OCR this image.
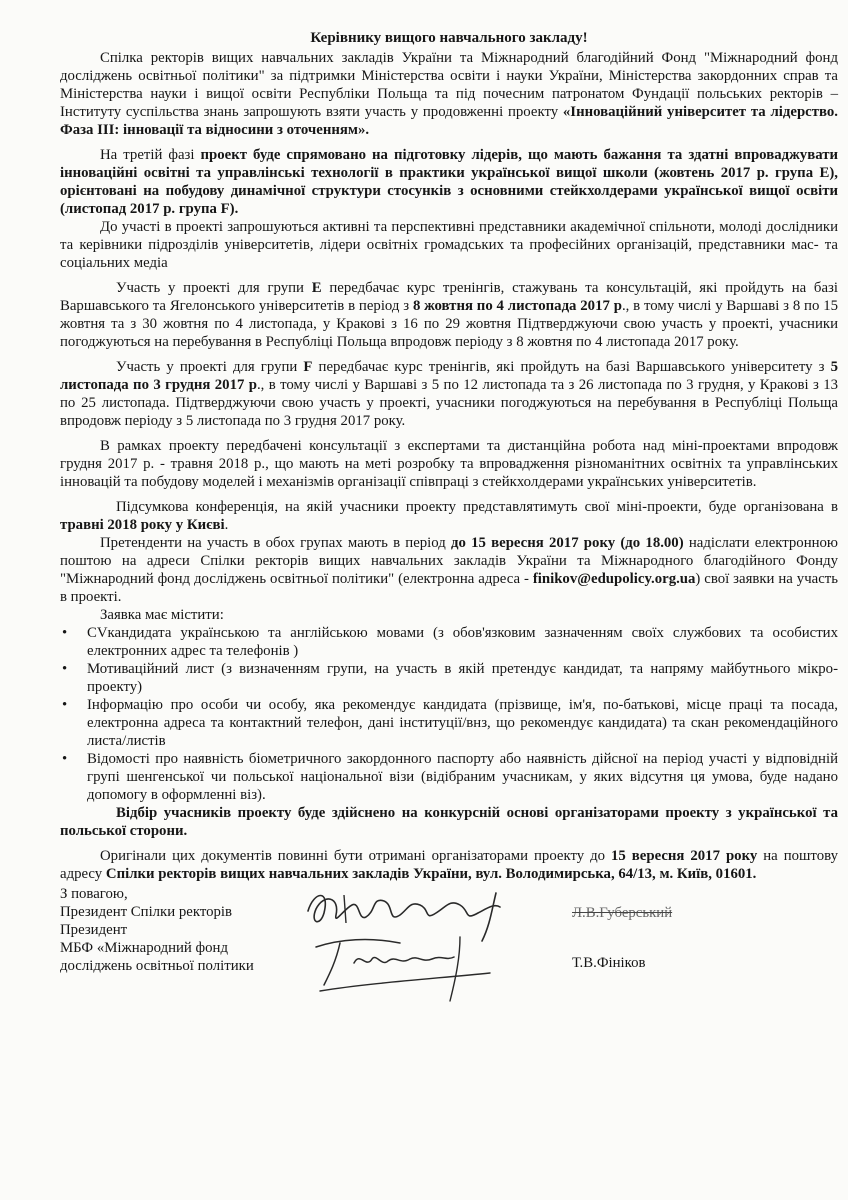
Керівнику вищого навчального закладу!

Спілка ректорів вищих навчальних закладів України та Міжнародний благодійний Фонд "Міжнародний фонд досліджень освітньої політики" за підтримки Міністерства освіти і науки України, Міністерства закордонних справ та Міністерства науки і вищої освіти Республіки Польща та під почесним патронатом Фундації польських ректорів – Інституту суспільства знань запрошують взяти участь у продовженні проекту «Інноваційний університет та лідерство. Фаза III: інновації та відносини з оточенням».

На третій фазі проект буде спрямовано на підготовку лідерів, що мають бажання та здатні впроваджувати інноваційні освітні та управлінські технології в практики української вищої школи (жовтень 2017 р. група E), орієнтовані на побудову динамічної структури стосунків з основними стейкхолдерами української вищої освіти (листопад 2017 р. група F).

До участі в проекті запрошуються активні та перспективні представники академічної спільноти, молоді дослідники та керівники підрозділів університетів, лідери освітніх громадських та професійних організацій, представники мас- та соціальних медіа

Участь у проекті для групи E передбачає курс тренінгів, стажувань та консультацій, які пройдуть на базі Варшавського та Ягелонського університетів в період з 8 жовтня по 4 листопада 2017 р., в тому числі у Варшаві з 8 по 15 жовтня та з 30 жовтня по 4 листопада, у Кракові з 16 по 29 жовтня Підтверджуючи свою участь у проекті, учасники погоджуються на перебування в Республіці Польща впродовж періоду з 8 жовтня по 4 листопада 2017 року.

Участь у проекті для групи F передбачає курс тренінгів, які пройдуть на базі Варшавського університету з 5 листопада по 3 грудня 2017 р., в тому числі у Варшаві з 5 по 12 листопада та з 26 листопада по 3 грудня, у Кракові з 13 по 25 листопада. Підтверджуючи свою участь у проекті, учасники погоджуються на перебування в Республіці Польща впродовж періоду з 5 листопада по 3 грудня 2017 року.

В рамках проекту передбачені консультації з експертами та дистанційна робота над міні-проектами впродовж грудня 2017 р. - травня 2018 р., що мають на меті розробку та впровадження різноманітних освітніх та управлінських інновацій та побудову моделей і механізмів організації співпраці з стейкхолдерами українських університетів.

Підсумкова конференція, на якій учасники проекту представлятимуть свої міні-проекти, буде організована в травні 2018 року у Києві.

Претенденти на участь в обох групах мають в період до 15 вересня 2017 року (до 18.00) надіслати електронною поштою на адреси Спілки ректорів вищих навчальних закладів України та Міжнародного благодійного Фонду "Міжнародний фонд досліджень освітньої політики" (електронна адреса - finikov@edupolicy.org.ua) свої заявки на участь в проекті.

Заявка має містити:

• CVкандидата українською та англійською мовами (з обов'язковим зазначенням своїх службових та особистих електронних адрес та телефонів )
• Мотиваційний лист (з визначенням групи, на участь в якій претендує кандидат, та напряму майбутнього мікро-проекту)
• Інформацію про особи чи особу, яка рекомендує кандидата (прізвище, ім'я, по-батькові, місце праці та посада, електронна адреса та контактний телефон, дані інституції/внз, що рекомендує кандидата) та скан рекомендаційного листа/листів
• Відомості про наявність біометричного закордонного паспорту або наявність дійсної на період участі у відповідній групі шенгенської чи польської національної візи (відібраним учасникам, у яких відсутня ця умова, буде надано допомогу в оформленні віз).

Відбір учасників проекту буде здійснено на конкурсній основі організаторами проекту з української та польської сторони.

Оригінали цих документів повинні бути отримані організаторами проекту до 15 вересня 2017 року на поштову адресу Спілки ректорів вищих навчальних закладів України, вул. Володимирська, 64/13, м. Київ, 01601.

З повагою,
Президент Спілки ректорів
Президент
МБФ «Міжнародний фонд
досліджень освітньої політики
Л.В.Губерський
Т.В.Фініков
